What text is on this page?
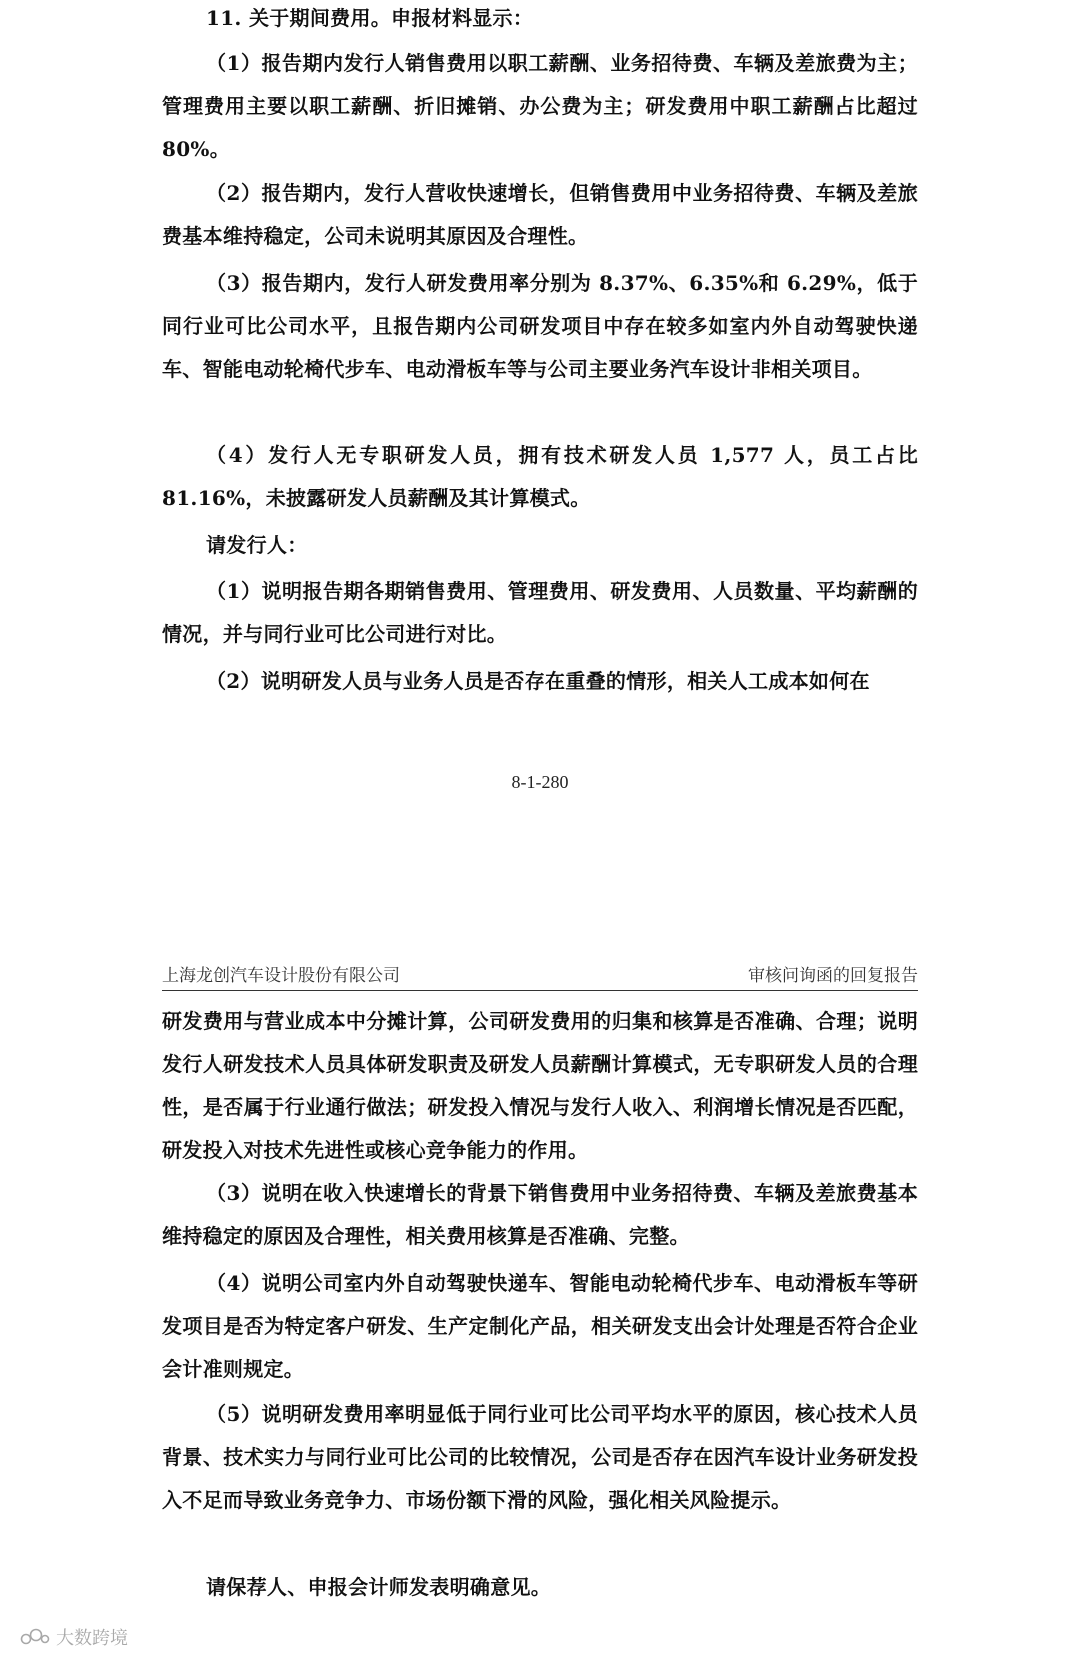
11. 关于期间费用。申报材料显示：

（1）报告期内发行人销售费用以职工薪酬、业务招待费、车辆及差旅费为主；管理费用主要以职工薪酬、折旧摊销、办公费为主；研发费用中职工薪酬占比超过 80%。

（2）报告期内，发行人营收快速增长，但销售费用中业务招待费、车辆及差旅费基本维持稳定，公司未说明其原因及合理性。

（3）报告期内，发行人研发费用率分别为 8.37%、6.35%和 6.29%，低于同行业可比公司水平，且报告期内公司研发项目中存在较多如室内外自动驾驶快递车、智能电动轮椅代步车、电动滑板车等与公司主要业务汽车设计非相关项目。

（4）发行人无专职研发人员，拥有技术研发人员 1,577 人，员工占比 81.16%，未披露研发人员薪酬及其计算模式。

请发行人：

（1）说明报告期各期销售费用、管理费用、研发费用、人员数量、平均薪酬的情况，并与同行业可比公司进行对比。

（2）说明研发人员与业务人员是否存在重叠的情形，相关人工成本如何在

8-1-280
上海龙创汽车设计股份有限公司	审核问询函的回复报告

研发费用与营业成本中分摊计算，公司研发费用的归集和核算是否准确、合理；说明发行人研发技术人员具体研发职责及研发人员薪酬计算模式，无专职研发人员的合理性，是否属于行业通行做法；研发投入情况与发行人收入、利润增长情况是否匹配，研发投入对技术先进性或核心竞争能力的作用。

（3）说明在收入快速增长的背景下销售费用中业务招待费、车辆及差旅费基本维持稳定的原因及合理性，相关费用核算是否准确、完整。

（4）说明公司室内外自动驾驶快递车、智能电动轮椅代步车、电动滑板车等研发项目是否为特定客户研发、生产定制化产品，相关研发支出会计处理是否符合企业会计准则规定。

（5）说明研发费用率明显低于同行业可比公司平均水平的原因，核心技术人员背景、技术实力与同行业可比公司的比较情况，公司是否存在因汽车设计业务研发投入不足而导致业务竞争力、市场份额下滑的风险，强化相关风险提示。

请保荐人、申报会计师发表明确意见。

大数跨境
